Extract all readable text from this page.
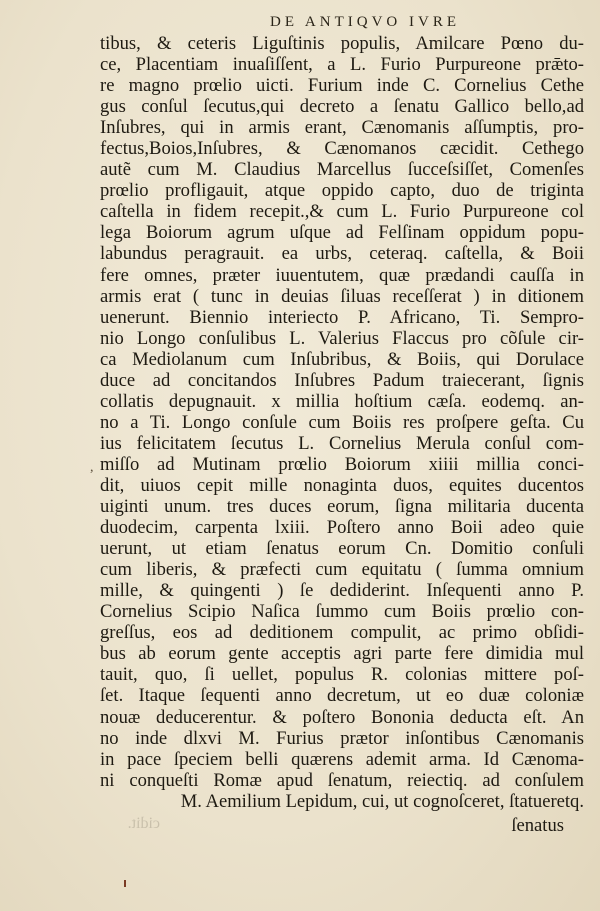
DE ANTIQVO IVRE
,
tibus, & ceteris Liguſtinis populis, Amilcare Pœno du-
ce, Placentiam inuaſiſſent, a L. Furio Purpureone prǣto-
re magno prœlio uicti. Furium inde C. Cornelius Cethe
gus conſul ſecutus,qui decreto a ſenatu Gallico bello,ad
Inſubres, qui in armis erant, Cænomanis aſſumptis, pro-
fectus,Boios,Inſubres, & Cænomanos cæcidit. Cethego
autẽ cum M. Claudius Marcellus ſucceſsiſſet, Comenſes
prœlio profligauit, atque oppido capto, duo de triginta
caſtella in fidem recepit.,& cum L. Furio Purpureone col
lega Boiorum agrum uſque ad Felſinam oppidum popu-
labundus peragrauit. ea urbs, ceteraq. caſtella, & Boii
fere omnes, præter iuuentutem, quæ prædandi cauſſa in
armis erat ( tunc in deuias ſiluas receſſerat ) in ditionem
uenerunt. Biennio interiecto P. Africano, Ti. Sempro-
nio Longo conſulibus L. Valerius Flaccus pro cõſule cir-
ca Mediolanum cum Inſubribus, & Boiis, qui Dorulace
duce ad concitandos Inſubres Padum traiecerant, ſignis
collatis depugnauit. x millia hoſtium cæſa. eodemq. an-
no a Ti. Longo conſule cum Boiis res proſpere geſta. Cu
ius felicitatem ſecutus L. Cornelius Merula conſul com-
miſſo ad Mutinam prœlio Boiorum xiiii millia conci-
dit, uiuos cepit mille nonaginta duos, equites ducentos
uiginti unum. tres duces eorum, ſigna militaria ducenta
duodecim, carpenta lxiii. Poſtero anno Boii adeo quie
uerunt, ut etiam ſenatus eorum Cn. Domitio conſuli
cum liberis, & præfecti cum equitatu ( ſumma omnium
mille, & quingenti ) ſe dediderint. Inſequenti anno P.
Cornelius Scipio Naſica ſummo cum Boiis prœlio con-
greſſus, eos ad deditionem compulit, ac primo obſidi-
bus ab eorum gente acceptis agri parte fere dimidia mul
tauit, quo, ſi uellet, populus R. colonias mittere poſ-
ſet. Itaque ſequenti anno decretum, ut eo duæ coloniæ
nouæ deducerentur. & poſtero Bononia deducta eſt. An
no inde dlxvi M. Furius prætor inſontibus Cænomanis
in pace ſpeciem belli quærens ademit arma. Id Cænoma-
ni conqueſti Romæ apud ſenatum, reiectiq. ad conſulem
M. Aemilium Lepidum, cui, ut cognoſceret, ſtatueretq.
cidit.	ſenatus
